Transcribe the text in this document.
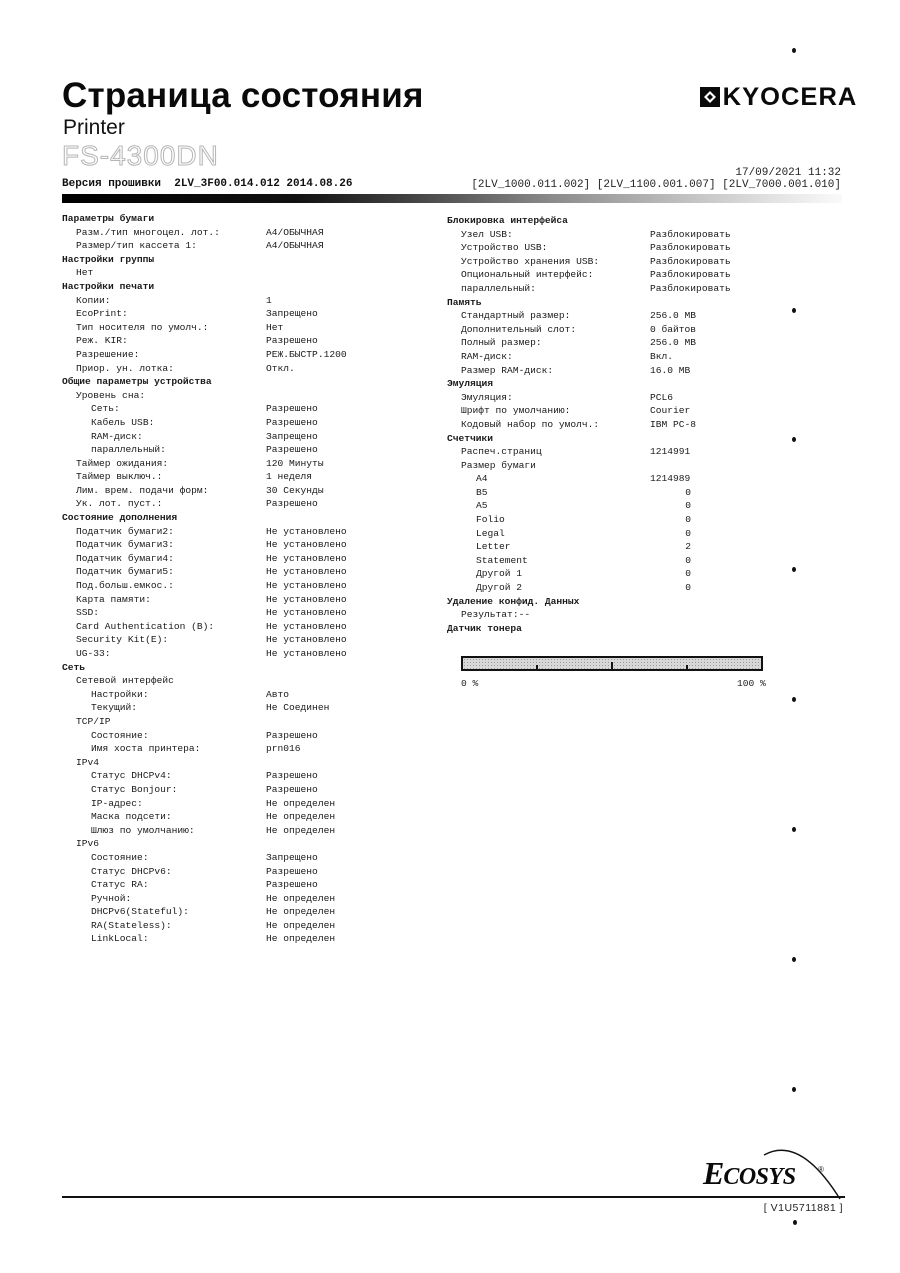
Страница состояния
Printer
FS-4300DN
Версия прошивки  2LV_3F00.014.012 2014.08.26
KYOCERA
17/09/2021 11:32
[2LV_1000.011.002] [2LV_1100.001.007] [2LV_7000.001.010]
Параметры бумаги
Разм./тип многоцел. лот.:	A4/ОБЫЧНАЯ
Размер/тип кассета 1:	A4/ОБЫЧНАЯ
Настройки группы
Нет
Настройки печати
Копии:	1
EcoPrint:	Запрещено
Тип носителя по умолч.:	Нет
Реж. KIR:	Разрешено
Разрешение:	РЕЖ.БЫСТР.1200
Приор. ун. лотка:	Откл.
Общие параметры устройства
Уровень сна:
Сеть:	Разрешено
Кабель USB:	Разрешено
RAM-диск:	Запрещено
параллельный:	Разрешено
Таймер ожидания:	120 Минуты
Таймер выключ.:	1 неделя
Лим. врем. подачи форм:	30 Секунды
Ук. лот. пуст.:	Разрешено
Состояние дополнения
Податчик бумаги2:	Не установлено
Податчик бумаги3:	Не установлено
Податчик бумаги4:	Не установлено
Податчик бумаги5:	Не установлено
Под.больш.емкос.:	Не установлено
Карта памяти:	Не установлено
SSD:	Не установлено
Card Authentication (B):	Не установлено
Security Kit(E):	Не установлено
UG-33:	Не установлено
Сеть
Сетевой интерфейс
Настройки:	Авто
Текущий:	Не Соединен
TCP/IP
Состояние:	Разрешено
Имя хоста принтера:	prn016
IPv4
Статус DHCPv4:	Разрешено
Статус Bonjour:	Разрешено
IP-адрес:	Не определен
Маска подсети:	Не определен
Шлюз по умолчанию:	Не определен
IPv6
Состояние:	Запрещено
Статус DHCPv6:	Разрешено
Статус RA:	Разрешено
Ручной:	Не определен
DHCPv6(Stateful):	Не определен
RA(Stateless):	Не определен
LinkLocal:	Не определен
Блокировка интерфейса
Узел USB:	Разблокировать
Устройство USB:	Разблокировать
Устройство хранения USB:	Разблокировать
Опциональный интерфейс:	Разблокировать
параллельный:	Разблокировать
Память
Стандартный размер:	256.0 MB
Дополнительный слот:	0 байтов
Полный размер:	256.0 MB
RAM-диск:	Вкл.
Размер RAM-диск:	16.0 MB
Эмуляция
Эмуляция:	PCL6
Шрифт по умолчанию:	Courier
Кодовый набор по умолч.:	IBM PC-8
Счетчики
Распеч.страниц	1214991
Размер бумаги
A4	1214989
B5	0
A5	0
Folio	0
Legal	0
Letter	2
Statement	0
Другой 1	0
Другой 2	0
Удаление конфид. Данных
Результат:--
Датчик тонера
0 %	100 %
ECOSYS	®
[ V1U5711881 ]
